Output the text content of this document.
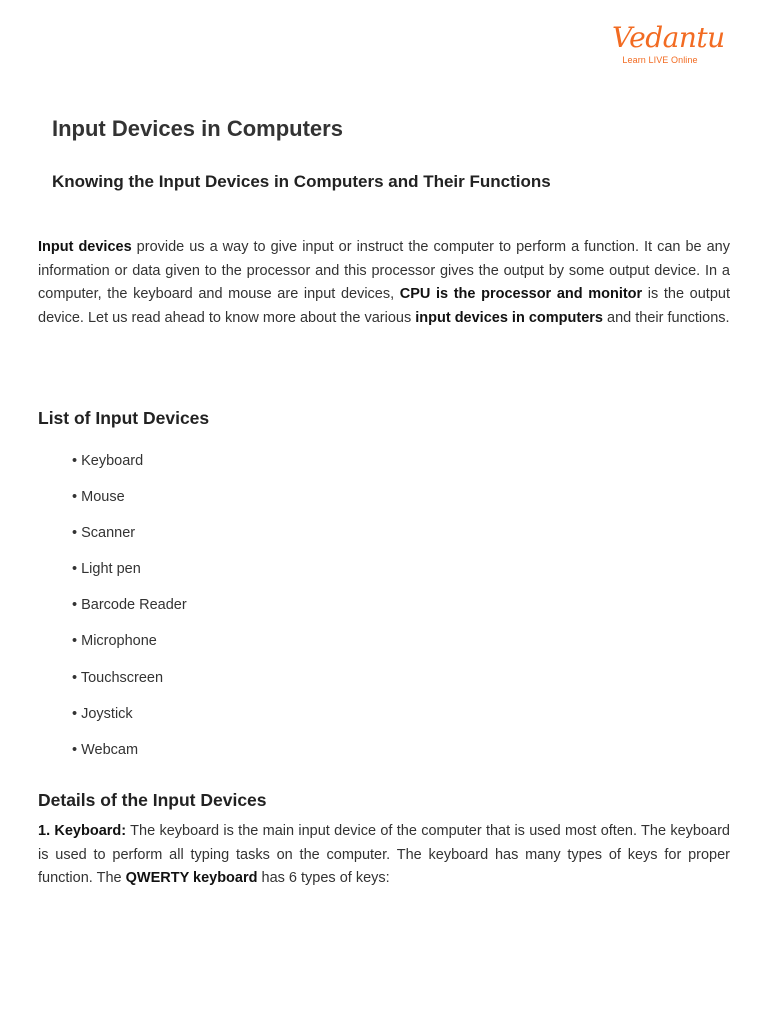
Vedantu
Learn LIVE Online
Input Devices in Computers
Knowing the Input Devices in Computers and Their Functions

Input devices provide us a way to give input or instruct the computer to perform a function. It can be any information or data given to the processor and this processor gives the output by some output device. In a computer, the keyboard and mouse are input devices, CPU is the processor and monitor is the output device. Let us read ahead to know more about the various input devices in computers and their functions.

List of Input Devices
• Keyboard
• Mouse
• Scanner
• Light pen
• Barcode Reader
• Microphone
• Touchscreen
• Joystick
• Webcam
Details of the Input Devices

1. Keyboard: The keyboard is the main input device of the computer that is used most often. The keyboard is used to perform all typing tasks on the computer. The keyboard has many types of keys for proper function. The QWERTY keyboard has 6 types of keys:
